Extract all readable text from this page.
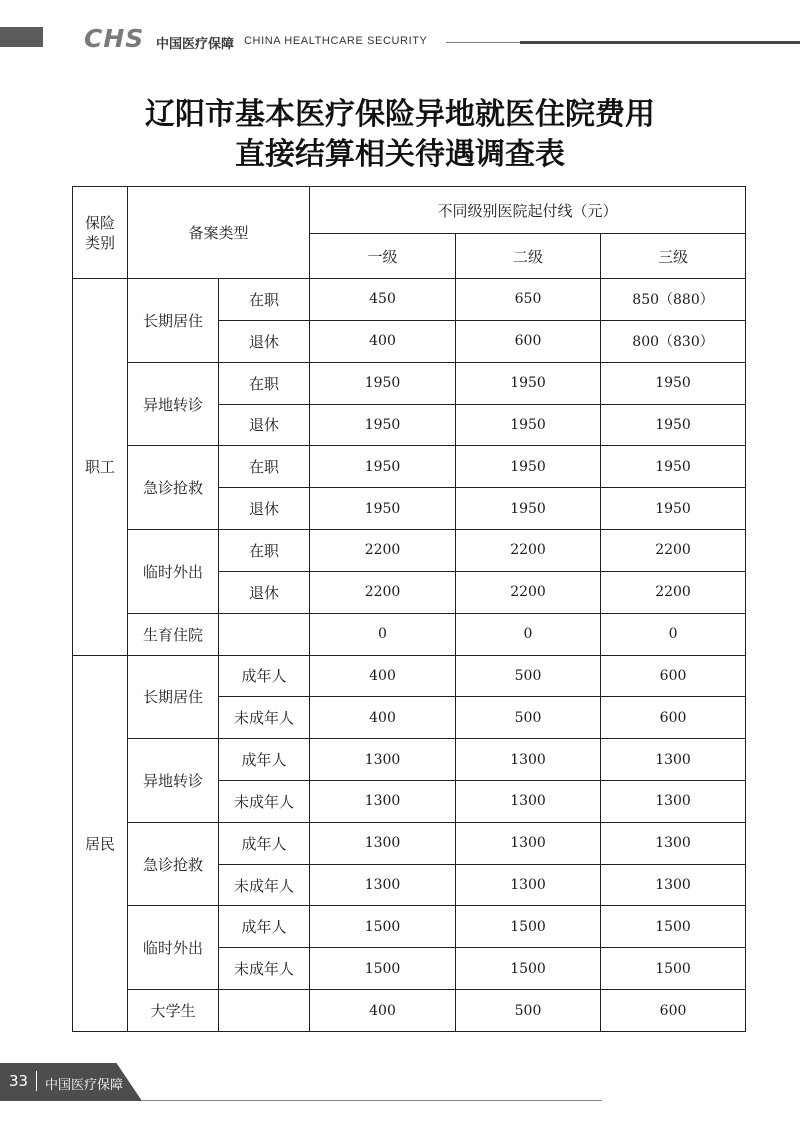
CHS 中国医疗保障 CHINA HEALTHCARE SECURITY
辽阳市基本医疗保险异地就医住院费用
直接结算相关待遇调查表
保险
类别	备案类型		不同级别医院起付线（元）		
			一级	二级	三级
职工	长期居住	在职	450	650	850（880）
		退休	400	600	800（830）
	异地转诊	在职	1950	1950	1950
		退休	1950	1950	1950
	急诊抢救	在职	1950	1950	1950
		退休	1950	1950	1950
	临时外出	在职	2200	2200	2200
		退休	2200	2200	2200
	生育住院		0	0	0
居民	长期居住	成年人	400	500	600
		未成年人	400	500	600
	异地转诊	成年人	1300	1300	1300
		未成年人	1300	1300	1300
	急诊抢救	成年人	1300	1300	1300
		未成年人	1300	1300	1300
	临时外出	成年人	1500	1500	1500
		未成年人	1500	1500	1500
	大学生		400	500	600
33 中国医疗保障
